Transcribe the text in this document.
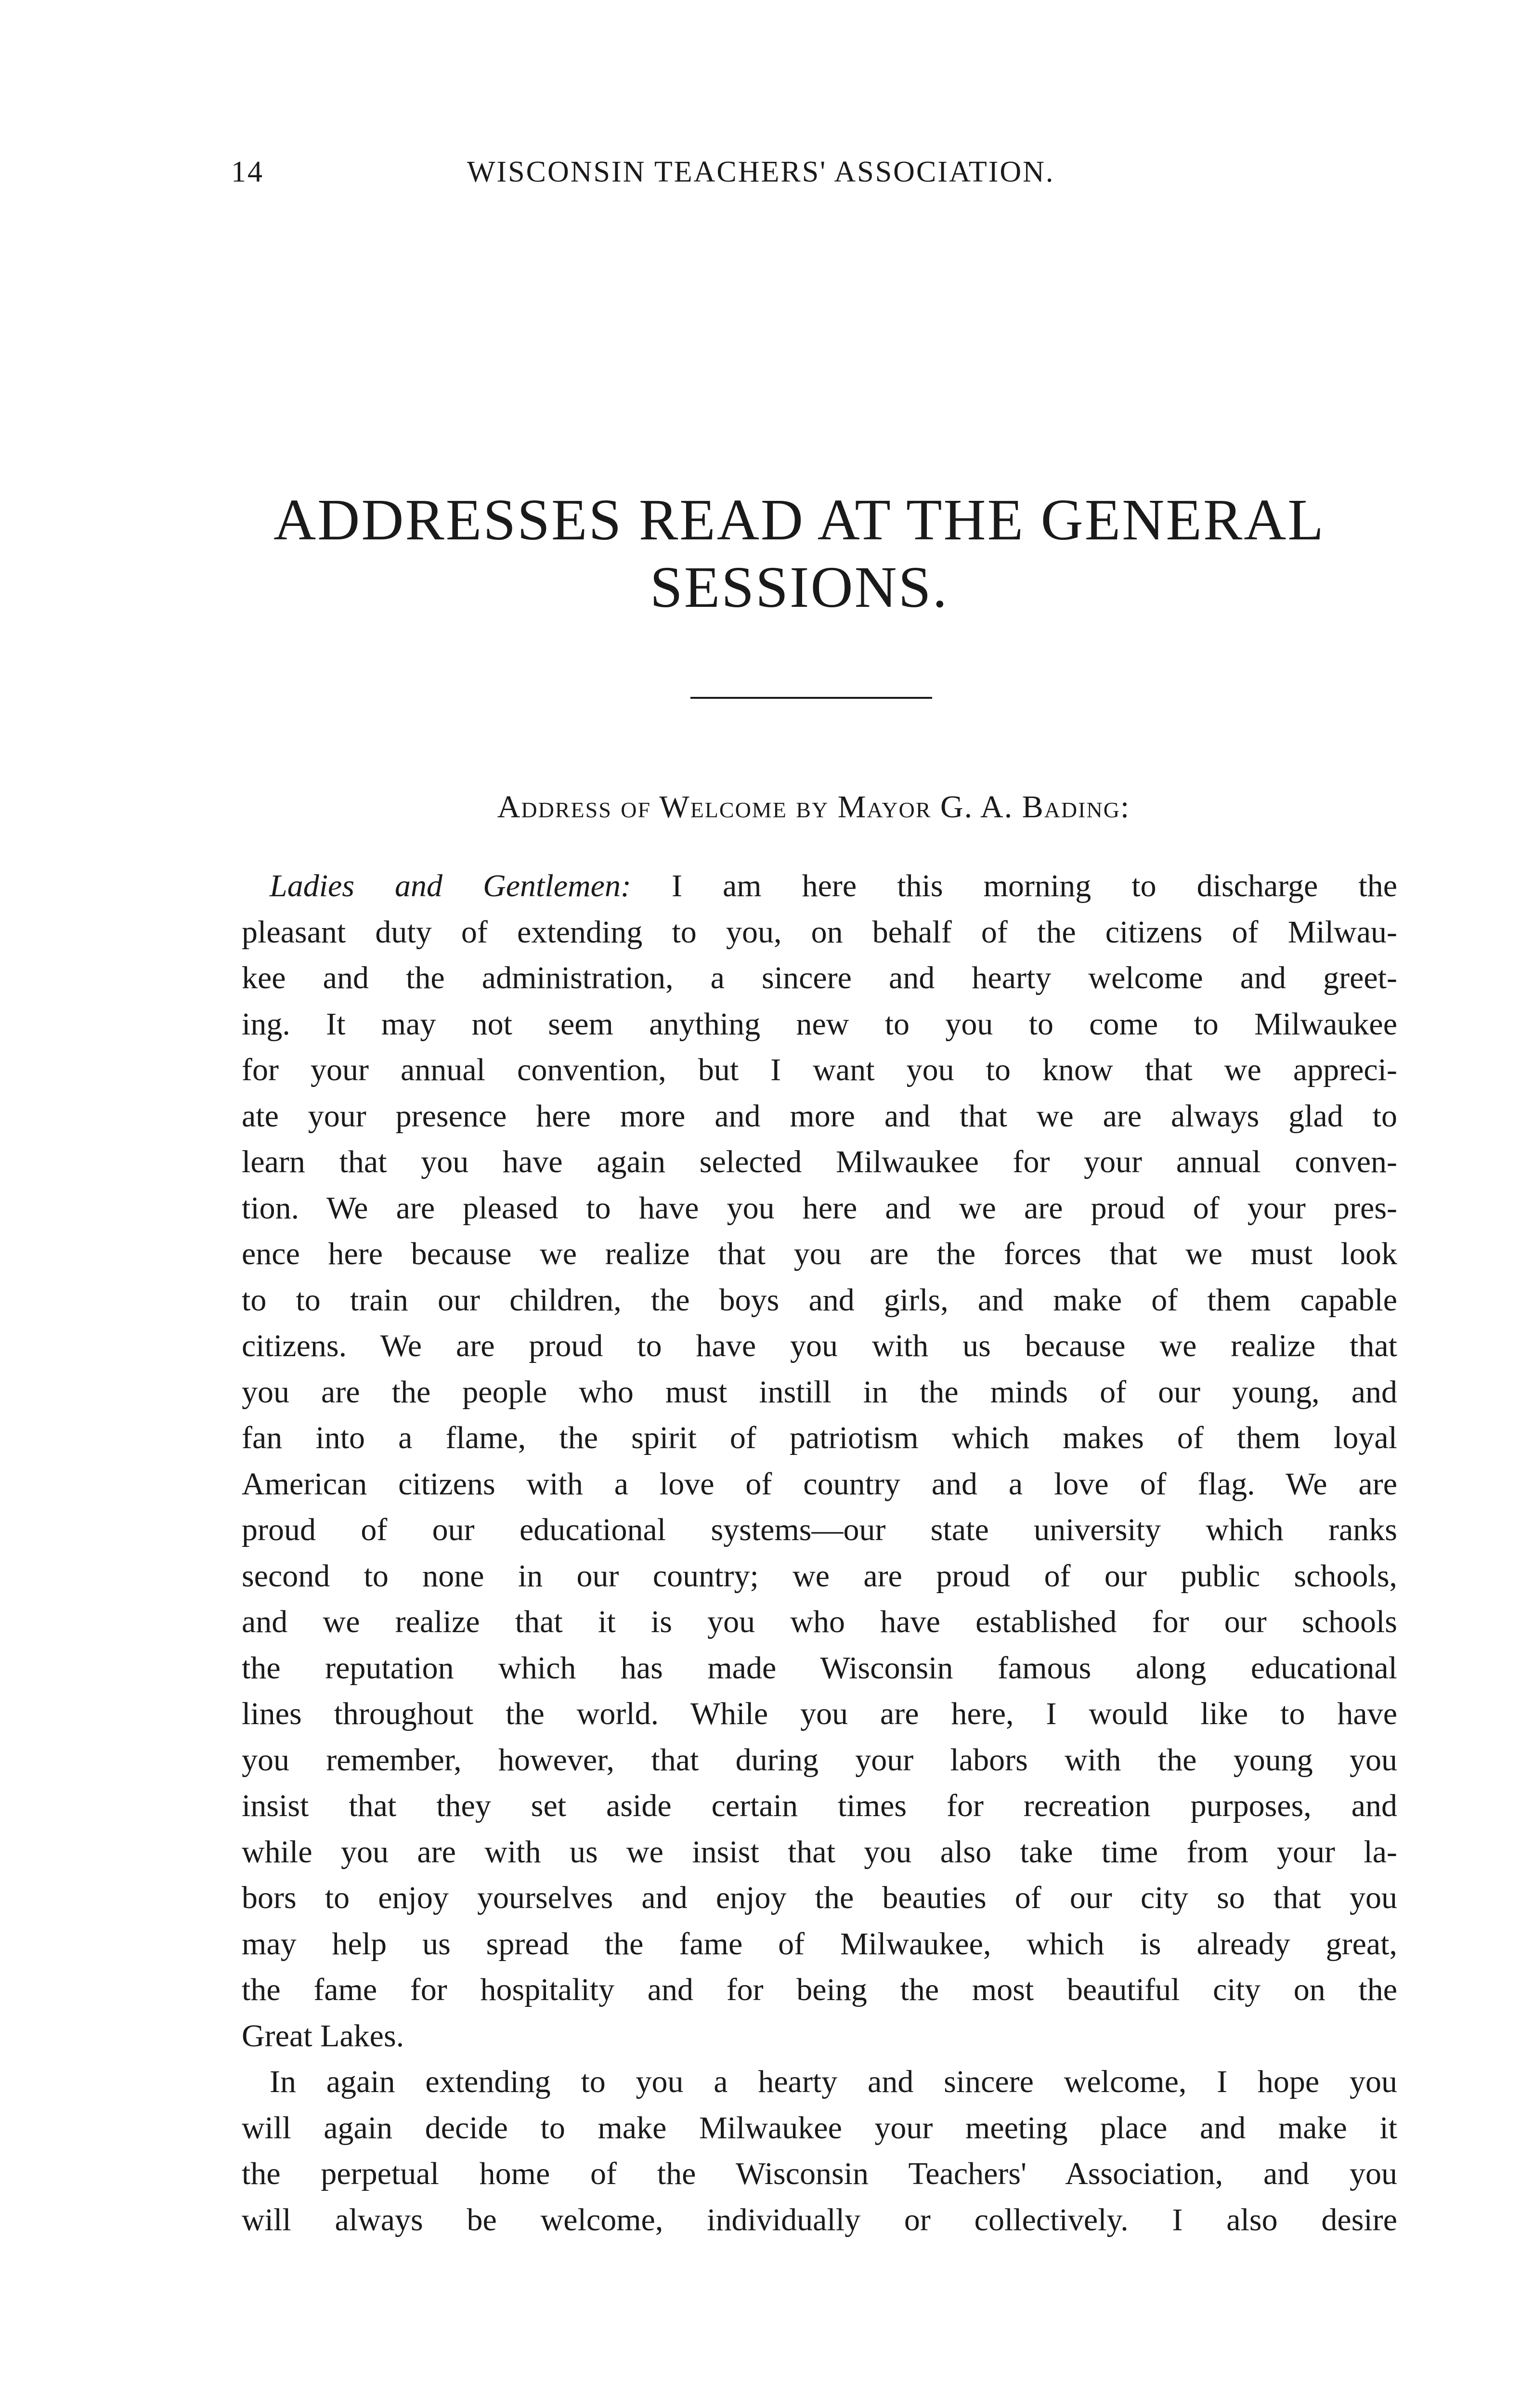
14	WISCONSIN TEACHERS' ASSOCIATION.
ADDRESSES READ AT THE GENERAL
SESSIONS.
Address of Welcome by Mayor G. A. Bading:
Ladies and Gentlemen: I am here this morning to discharge the
pleasant duty of extending to you, on behalf of the citizens of Milwau-
kee and the administration, a sincere and hearty welcome and greet-
ing. It may not seem anything new to you to come to Milwaukee
for your annual convention, but I want you to know that we appreci-
ate your presence here more and more and that we are always glad to
learn that you have again selected Milwaukee for your annual conven-
tion. We are pleased to have you here and we are proud of your pres-
ence here because we realize that you are the forces that we must look
to to train our children, the boys and girls, and make of them capable
citizens. We are proud to have you with us because we realize that
you are the people who must instill in the minds of our young, and
fan into a flame, the spirit of patriotism which makes of them loyal
American citizens with a love of country and a love of flag. We are
proud of our educational systems—our state university which ranks
second to none in our country; we are proud of our public schools,
and we realize that it is you who have established for our schools
the reputation which has made Wisconsin famous along educational
lines throughout the world. While you are here, I would like to have
you remember, however, that during your labors with the young you
insist that they set aside certain times for recreation purposes, and
while you are with us we insist that you also take time from your la-
bors to enjoy yourselves and enjoy the beauties of our city so that you
may help us spread the fame of Milwaukee, which is already great,
the fame for hospitality and for being the most beautiful city on the
Great Lakes.
In again extending to you a hearty and sincere welcome, I hope you
will again decide to make Milwaukee your meeting place and make it
the perpetual home of the Wisconsin Teachers' Association, and you
will always be welcome, individually or collectively. I also desire
